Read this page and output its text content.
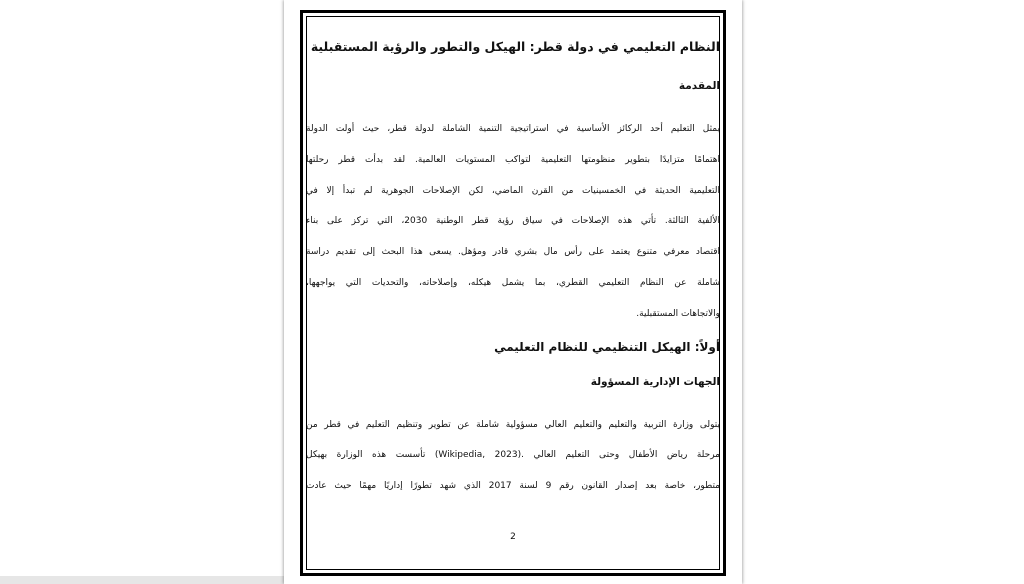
النظام التعليمي في دولة قطر: الهيكل والتطور والرؤية المستقبلية
المقدمة
يمثل التعليم أحد الركائز الأساسية في استراتيجية التنمية الشاملة لدولة قطر، حيث أولت الدولة
اهتمامًا متزايدًا بتطوير منظومتها التعليمية لتواكب المستويات العالمية. لقد بدأت قطر رحلتها
التعليمية الحديثة في الخمسينيات من القرن الماضي، لكن الإصلاحات الجوهرية لم تبدأ إلا في
الألفية الثالثة. تأتي هذه الإصلاحات في سياق رؤية قطر الوطنية 2030، التي تركز على بناء
اقتصاد معرفي متنوع يعتمد على رأس مال بشري قادر ومؤهل. يسعى هذا البحث إلى تقديم دراسة
شاملة عن النظام التعليمي القطري، بما يشمل هيكله، وإصلاحاته، والتحديات التي يواجهها،
والاتجاهات المستقبلية.
أولاً: الهيكل التنظيمي للنظام التعليمي
الجهات الإدارية المسؤولة
يتولى وزارة التربية والتعليم والتعليم العالي مسؤولية شاملة عن تطوير وتنظيم التعليم في قطر من
مرحلة رياض الأطفال وحتى التعليم العالي .(Wikipedia, 2023) تأسست هذه الوزارة بهيكل
متطور، خاصة بعد إصدار القانون رقم 9 لسنة 2017 الذي شهد تطورًا إداريًا مهمًا حيث عادت
2
